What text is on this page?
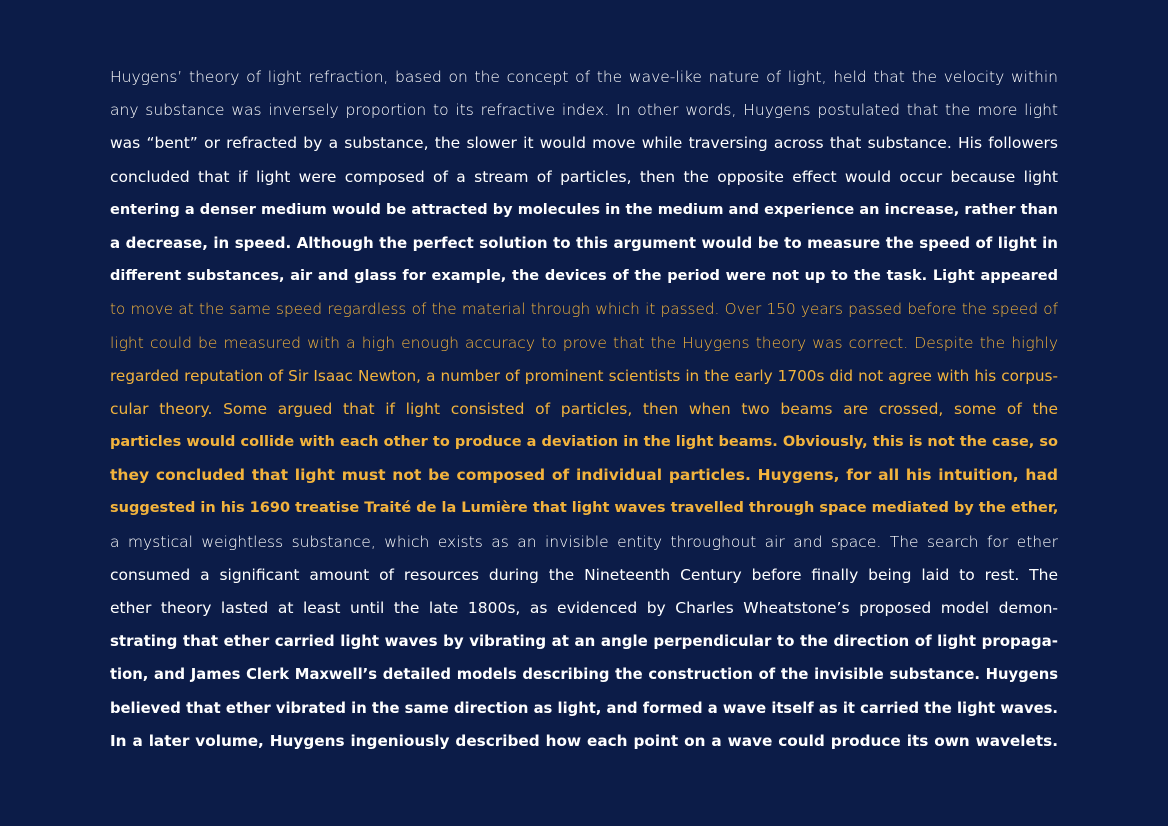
Huygens’ theory of light refraction, based on the concept of the wave-like nature of light, held that the velocity within
any substance was inversely proportion to its refractive index. In other words, Huygens postulated that the more light
was “bent” or refracted by a substance, the slower it would move while traversing across that substance. His followers
concluded that if light were composed of a stream of particles, then the opposite effect would occur because light
entering a denser medium would be attracted by molecules in the medium and experience an increase, rather than
a decrease, in speed. Although the perfect solution to this argument would be to measure the speed of light in
different substances, air and glass for example, the devices of the period were not up to the task. Light appeared
to move at the same speed regardless of the material through which it passed. Over 150 years passed before the speed of
light could be measured with a high enough accuracy to prove that the Huygens theory was correct. Despite the highly
regarded reputation of Sir Isaac Newton, a number of prominent scientists in the early 1700s did not agree with his corpus-
cular theory. Some argued that if light consisted of particles, then when two beams are crossed, some of the
particles would collide with each other to produce a deviation in the light beams. Obviously, this is not the case, so
they concluded that light must not be composed of individual particles. Huygens, for all his intuition, had
suggested in his 1690 treatise Traité de la Lumière that light waves travelled through space mediated by the ether,
a mystical weightless substance, which exists as an invisible entity throughout air and space. The search for ether
consumed a significant amount of resources during the Nineteenth Century before finally being laid to rest. The
ether theory lasted at least until the late 1800s, as evidenced by Charles Wheatstone’s proposed model demon-
strating that ether carried light waves by vibrating at an angle perpendicular to the direction of light propaga-
tion, and James Clerk Maxwell’s detailed models describing the construction of the invisible substance. Huygens
believed that ether vibrated in the same direction as light, and formed a wave itself as it carried the light waves.
In a later volume, Huygens ingeniously described how each point on a wave could produce its own wavelets.
